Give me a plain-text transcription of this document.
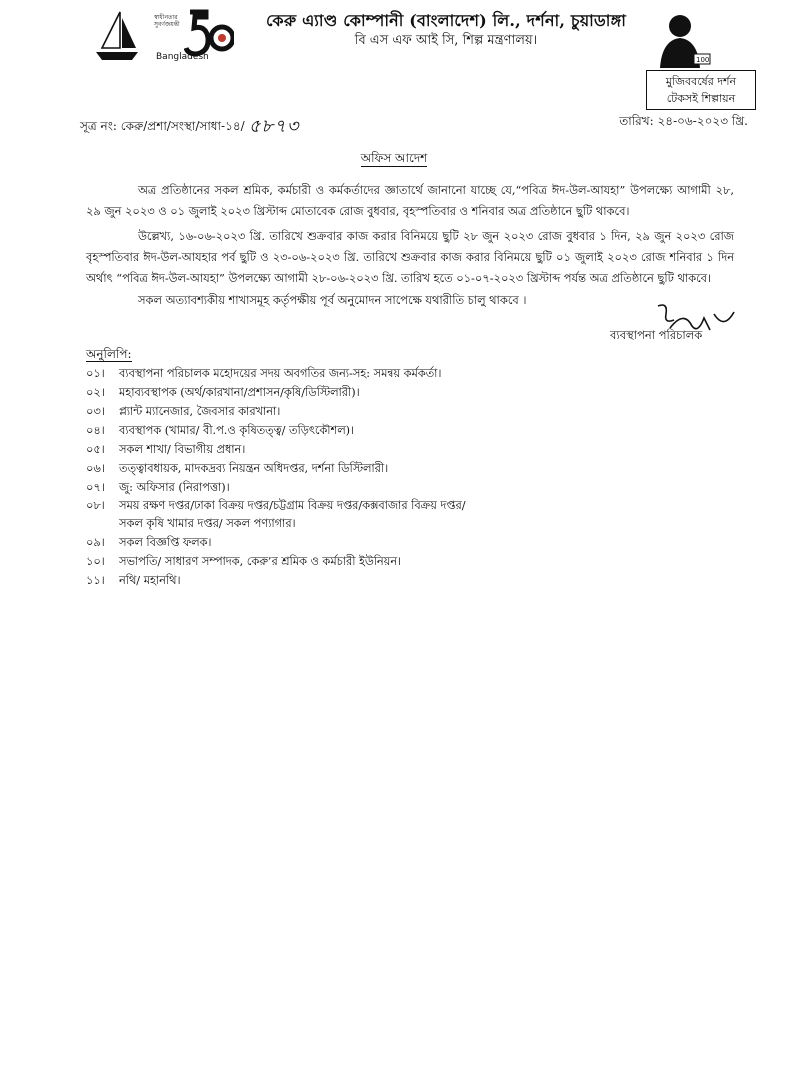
স্বাধীনতার সুবর্ণজয়ন্তী
Bangladesh
কেরু এ্যাণ্ড কোম্পানী (বাংলাদেশ) লি., দর্শনা, চুয়াডাঙ্গা
বি এস এফ আই সি, শিল্প মন্ত্রণালয়।
100
মুজিববর্ষের দর্শন
টেকসই শিল্পায়ন
সূত্র নং: কেরু/প্রশা/সংস্থা/সাধা-১৪/ ৫৮৭৩	তারিখ: ২৪-০৬-২০২৩ খ্রি.
অফিস আদেশ
অত্র প্রতিষ্ঠানের সকল শ্রমিক, কর্মচারী ও কর্মকর্তাদের জ্ঞাতার্থে জানানো যাচ্ছে যে,“পবিত্র ঈদ-উল-আযহা” উপলক্ষ্যে আগামী ২৮, ২৯ জুন ২০২৩ ও ০১ জুলাই ২০২৩ খ্রিস্টাব্দ মোতাবেক রোজ বুধবার, বৃহস্পতিবার ও শনিবার অত্র প্রতিষ্ঠানে ছুটি থাকবে।
উল্লেখ্য, ১৬-০৬-২০২৩ খ্রি. তারিখে শুক্রবার কাজ করার বিনিময়ে ছুটি ২৮ জুন ২০২৩ রোজ বুধবার ১ দিন, ২৯ জুন ২০২৩ রোজ বৃহস্পতিবার ঈদ-উল-আযহার পর্ব ছুটি ও ২৩-০৬-২০২৩ খ্রি. তারিখে শুক্রবার কাজ করার বিনিময়ে ছুটি ০১ জুলাই ২০২৩ রোজ শনিবার ১ দিন অর্থাৎ “পবিত্র ঈদ-উল-আযহা” উপলক্ষ্যে আগামী ২৮-০৬-২০২৩ খ্রি. তারিখ হতে ০১-০৭-২০২৩ খ্রিস্টাব্দ পর্যন্ত অত্র প্রতিষ্ঠানে ছুটি থাকবে।
সকল অত্যাবশ্যকীয় শাখাসমূহ কর্তৃপক্ষীয় পূর্ব অনুমোদন সাপেক্ষে যথারীতি চালু থাকবে ।
ব্যবস্থাপনা পরিচালক
অনুলিপি:
০১।	ব্যবস্থাপনা পরিচালক মহোদয়ের সদয় অবগতির জন্য-সহ: সমন্বয় কর্মকর্তা।
০২।	মহাব্যবস্থাপক (অর্থ/কারখানা/প্রশাসন/কৃষি/ডিস্টিলারী)।
০৩।	প্ল্যান্ট ম্যানেজার, জৈবসার কারখানা।
০৪।	ব্যবস্থাপক (খামার/ বী.প.ও কৃষিতত্ত্ব/ তড়িৎকৌশল)।
০৫।	সকল শাখা/ বিভাগীয় প্রধান।
০৬।	তত্ত্বাবধায়ক, মাদকদ্রব্য নিয়ন্ত্রন অধিদপ্তর, দর্শনা ডিস্টিলারী।
০৭।	জু: অফিসার (নিরাপত্তা)।
০৮।	সময় রক্ষণ দপ্তর/ঢাকা বিক্রয় দপ্তর/চট্টগ্রাম বিক্রয় দপ্তর/কক্সবাজার বিক্রয় দপ্তর/
সকল কৃষি খামার দপ্তর/ সকল পণ্যাগার।
০৯।	সকল বিজ্ঞপ্তি ফলক।
১০।	সভাপতি/ সাধারণ সম্পাদক, কেরু’র শ্রমিক ও কর্মচারী ইউনিয়ন।
১১।	নথি/ মহানথি।
